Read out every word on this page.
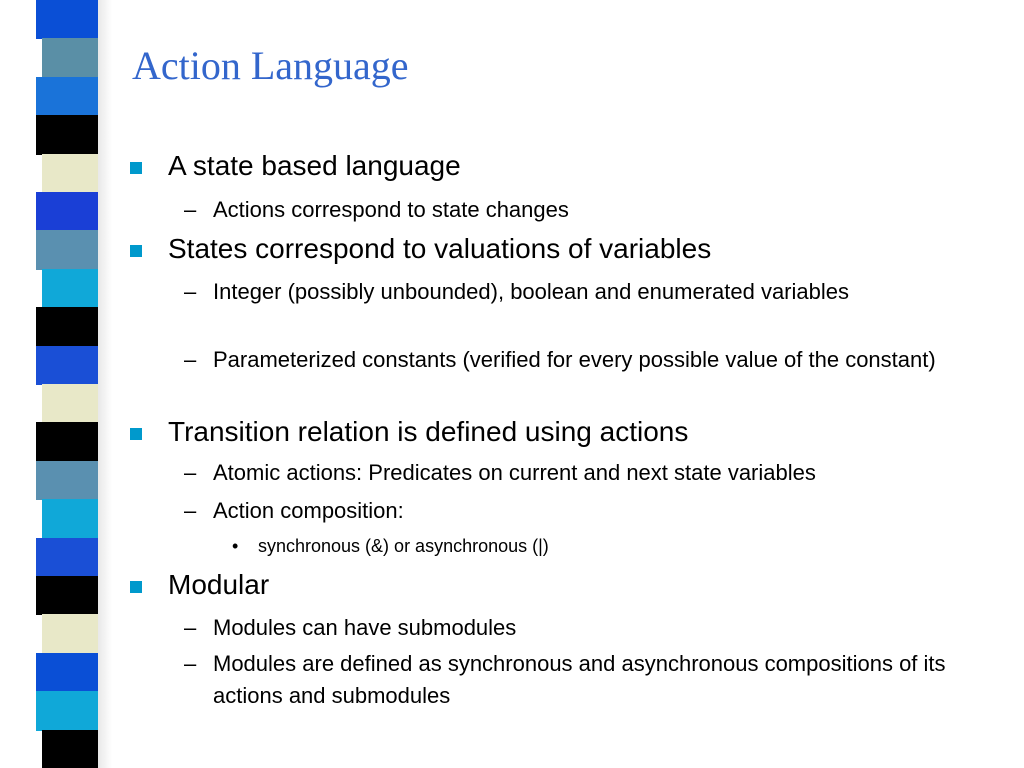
Action Language
A state based language
– Actions correspond to state changes
States correspond to valuations of variables
– Integer (possibly unbounded), boolean and enumerated variables
– Parameterized constants (verified for every possible value of the constant)
Transition relation is defined using actions
– Atomic actions: Predicates on current and next state variables
– Action composition:
• synchronous (&) or asynchronous (|)
Modular
– Modules can have submodules
– Modules are defined as synchronous and asynchronous compositions of its actions and submodules
